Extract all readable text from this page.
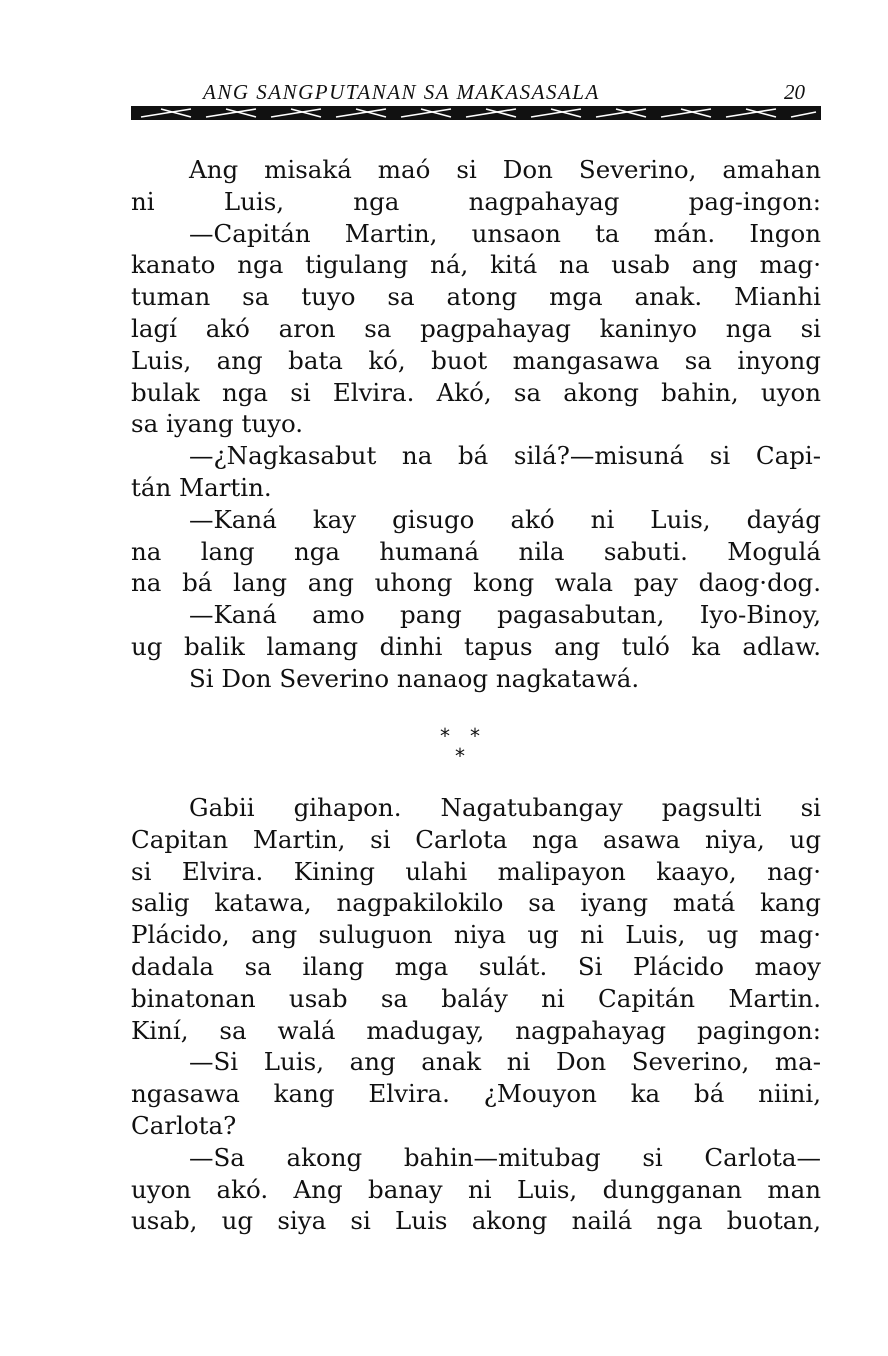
ANG SANGPUTANAN SA MAKASASALA	20
Ang misaká maó si Don Severino, amahan
ni Luis, nga nagpahayag pag-ingon:
—Capitán Martin, unsaon ta mán. Ingon
kanato nga tigulang ná, kitá na usab ang mag·
tuman sa tuyo sa atong mga anak. Mianhi
lagí akó aron sa pagpahayag kaninyo nga si
Luis, ang bata kó, buot mangasawa sa inyong
bulak nga si Elvira. Akó, sa akong bahin, uyon
sa iyang tuyo.
—¿Nagkasabut na bá silá?—misuná si Capi-
tán Martin.
—Kaná kay gisugo akó ni Luis, dayág
na lang nga humaná nila sabuti. Mogulá
na bá lang ang uhong kong wala pay daog·dog.
—Kaná amo pang pagasabutan, Iyo-Binoy,
ug balik lamang dinhi tapus ang tuló ka adlaw.
Si Don Severino nanaog nagkatawá.
* *
*
Gabii gihapon. Nagatubangay pagsulti si
Capitan Martin, si Carlota nga asawa niya, ug
si Elvira. Kining ulahi malipayon kaayo, nag·
salig katawa, nagpakilokilo sa iyang matá kang
Plácido, ang suluguon niya ug ni Luis, ug mag·
dadala sa ilang mga sulát. Si Plácido maoy
binatonan usab sa baláy ni Capitán Martin.
Kiní, sa walá madugay, nagpahayag pagingon:
—Si Luis, ang anak ni Don Severino, ma-
ngasawa kang Elvira. ¿Mouyon ka bá niini,
Carlota?
—Sa akong bahin—mitubag si Carlota—
uyon akó. Ang banay ni Luis, dungganan man
usab, ug siya si Luis akong nailá nga buotan,
